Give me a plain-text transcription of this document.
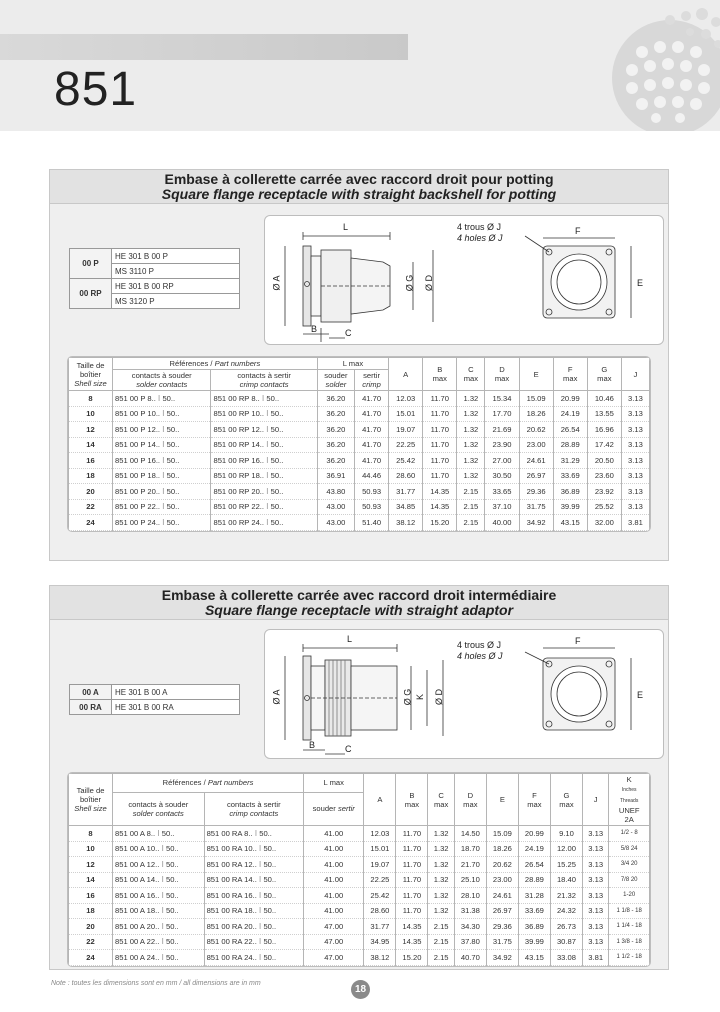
851
Embase à collerette carrée avec raccord droit pour potting
Square flange receptacle with straight backshell for potting
L
Ø A	Ø G Ø D
B	C
F
E
4 trous Ø J
4 holes Ø J
00 P	HE 301 B 00 P
	MS 3110 P
00 RP	HE 301 B 00 RP
	MS 3120 P
Taille de boîtier
Shell size	Références / Part numbers		L max		A	B
max	C
max	D
max	E	F
max	G
max	J
	contacts à souder
solder contacts	contacts à sertir
crimp contacts	souder
solder	sertir
crimp								
8	851 00 P 8.. ⁝ 50..	851 00 RP 8.. ⁝ 50..	36.20	41.70	12.03	11.70	1.32	15.34	15.09	20.99	10.46	3.13
10	851 00 P 10.. ⁝ 50..	851 00 RP 10.. ⁝ 50..	36.20	41.70	15.01	11.70	1.32	17.70	18.26	24.19	13.55	3.13
12	851 00 P 12.. ⁝ 50..	851 00 RP 12.. ⁝ 50..	36.20	41.70	19.07	11.70	1.32	21.69	20.62	26.54	16.96	3.13
14	851 00 P 14.. ⁝ 50..	851 00 RP 14.. ⁝ 50..	36.20	41.70	22.25	11.70	1.32	23.90	23.00	28.89	17.42	3.13
16	851 00 P 16.. ⁝ 50..	851 00 RP 16.. ⁝ 50..	36.20	41.70	25.42	11.70	1.32	27.00	24.61	31.29	20.50	3.13
18	851 00 P 18.. ⁝ 50..	851 00 RP 18.. ⁝ 50..	36.91	44.46	28.60	11.70	1.32	30.50	26.97	33.69	23.60	3.13
20	851 00 P 20.. ⁝ 50..	851 00 RP 20.. ⁝ 50..	43.80	50.93	31.77	14.35	2.15	33.65	29.36	36.89	23.92	3.13
22	851 00 P 22.. ⁝ 50..	851 00 RP 22.. ⁝ 50..	43.00	50.93	34.85	14.35	2.15	37.10	31.75	39.99	25.52	3.13
24	851 00 P 24.. ⁝ 50..	851 00 RP 24.. ⁝ 50..	43.00	51.40	38.12	15.20	2.15	40.00	34.92	43.15	32.00	3.81
Embase à collerette carrée avec raccord droit intermédiaire
Square flange receptacle with straight adaptor
L
Ø A	Ø G K Ø D
B	C
F
E
4 trous Ø J
4 holes Ø J
00 A	HE 301 B 00 A
00 RA	HE 301 B 00 RA
Taille de boîtier
Shell size	Références / Part numbers		L max	A	B
max	C
max	D
max	E	F
max	G
max	J	K
Inches
Threads
UNEF
2A
	contacts à souder
solder contacts	contacts à sertir
crimp contacts	souder sertir									
8	851 00 A 8.. ⁝ 50..	851 00 RA 8.. ⁝ 50..	41.00	12.03	11.70	1.32	14.50	15.09	20.99	9.10	3.13	1/2 - 8
10	851 00 A 10.. ⁝ 50..	851 00 RA 10.. ⁝ 50..	41.00	15.01	11.70	1.32	18.70	18.26	24.19	12.00	3.13	5/8 24
12	851 00 A 12.. ⁝ 50..	851 00 RA 12.. ⁝ 50..	41.00	19.07	11.70	1.32	21.70	20.62	26.54	15.25	3.13	3/4 20
14	851 00 A 14.. ⁝ 50..	851 00 RA 14.. ⁝ 50..	41.00	22.25	11.70	1.32	25.10	23.00	28.89	18.40	3.13	7/8 20
16	851 00 A 16.. ⁝ 50..	851 00 RA 16.. ⁝ 50..	41.00	25.42	11.70	1.32	28.10	24.61	31.28	21.32	3.13	1-20
18	851 00 A 18.. ⁝ 50..	851 00 RA 18.. ⁝ 50..	41.00	28.60	11.70	1.32	31.38	26.97	33.69	24.32	3.13	1 1/8 - 18
20	851 00 A 20.. ⁝ 50..	851 00 RA 20.. ⁝ 50..	47.00	31.77	14.35	2.15	34.30	29.36	36.89	26.73	3.13	1 1/4 - 18
22	851 00 A 22.. ⁝ 50..	851 00 RA 22.. ⁝ 50..	47.00	34.95	14.35	2.15	37.80	31.75	39.99	30.87	3.13	1 3/8 - 18
24	851 00 A 24.. ⁝ 50..	851 00 RA 24.. ⁝ 50..	47.00	38.12	15.20	2.15	40.70	34.92	43.15	33.08	3.81	1 1/2 - 18
Note : toutes les dimensions sont en mm / all dimensions are in mm
18
